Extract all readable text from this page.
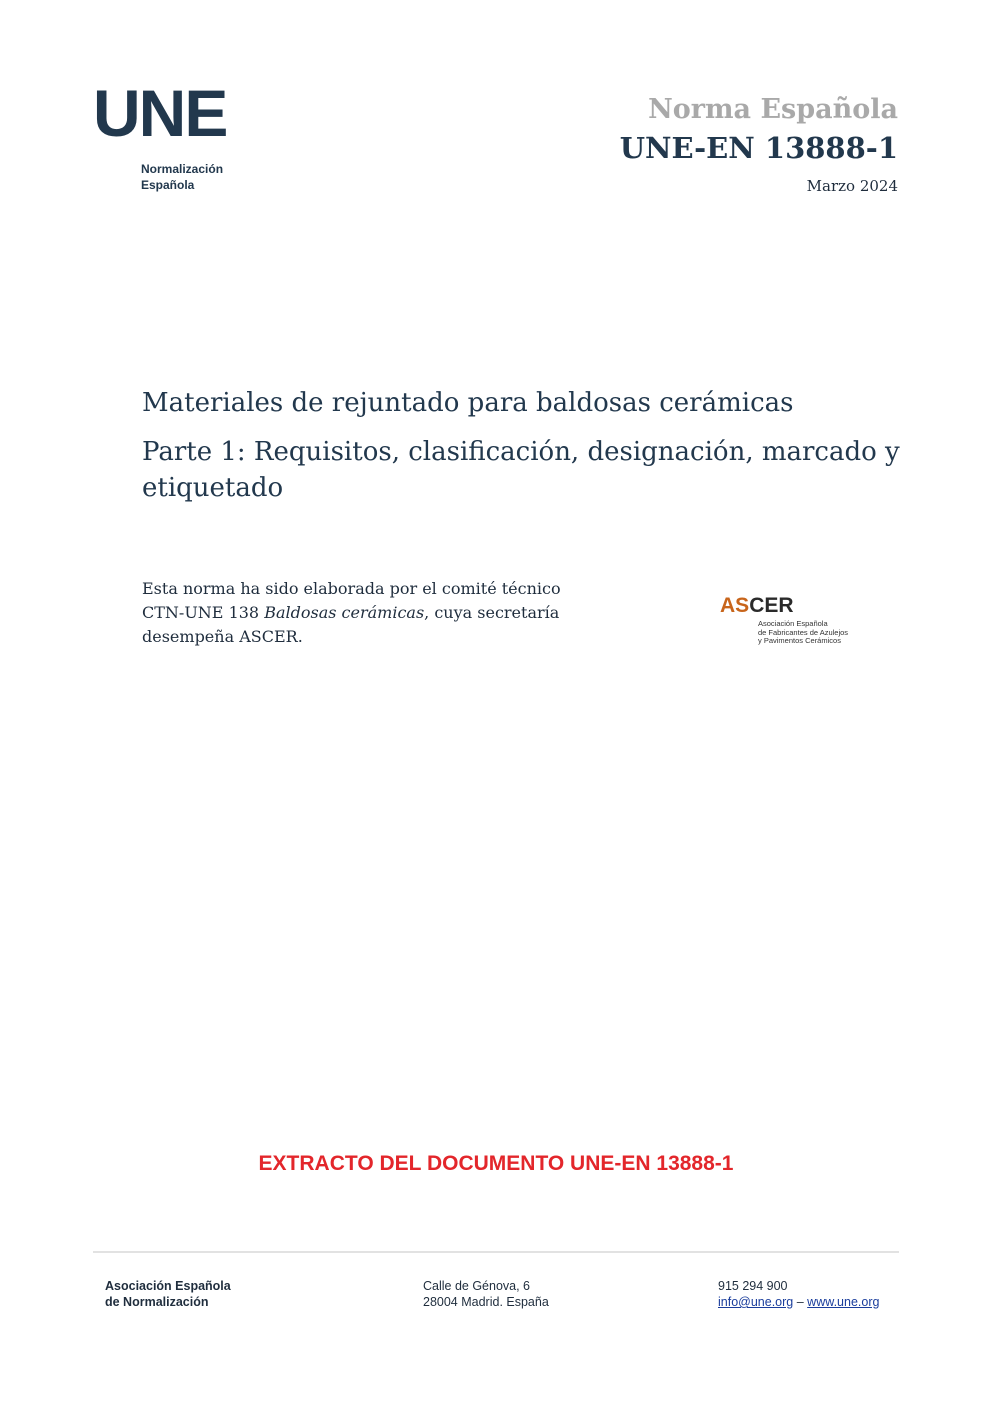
UNE
Normalización
Española
Norma Española
UNE-EN 13888-1
Marzo 2024
Materiales de rejuntado para baldosas cerámicas
Parte 1: Requisitos, clasificación, designación, marcado y etiquetado
Esta norma ha sido elaborada por el comité técnico
CTN-UNE 138 Baldosas cerámicas, cuya secretaría
desempeña ASCER.
ASCER
Asociación Española
de Fabricantes de Azulejos
y Pavimentos Cerámicos
EXTRACTO DEL DOCUMENTO UNE-EN 13888-1
Asociación Española
de Normalización
Calle de Génova, 6
28004 Madrid. España
915 294 900
info@une.org – www.une.org
